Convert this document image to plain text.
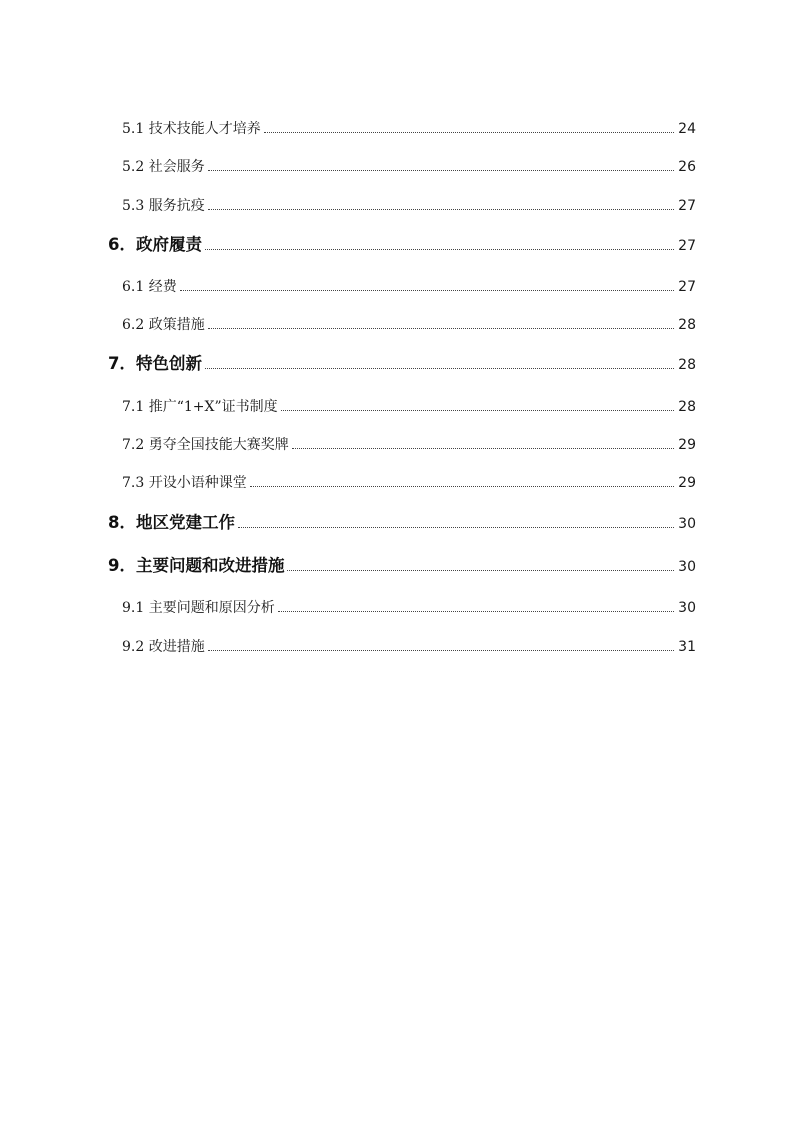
5.1 技术技能人才培养	24
5.2 社会服务	26
5.3 服务抗疫	27
6．政府履责	27
6.1 经费	27
6.2 政策措施	28
7．特色创新	28
7.1 推广“1+X”证书制度	28
7.2 勇夺全国技能大赛奖牌	29
7.3 开设小语种课堂	29
8．地区党建工作	30
9．主要问题和改进措施	30
9.1 主要问题和原因分析	30
9.2 改进措施	31
